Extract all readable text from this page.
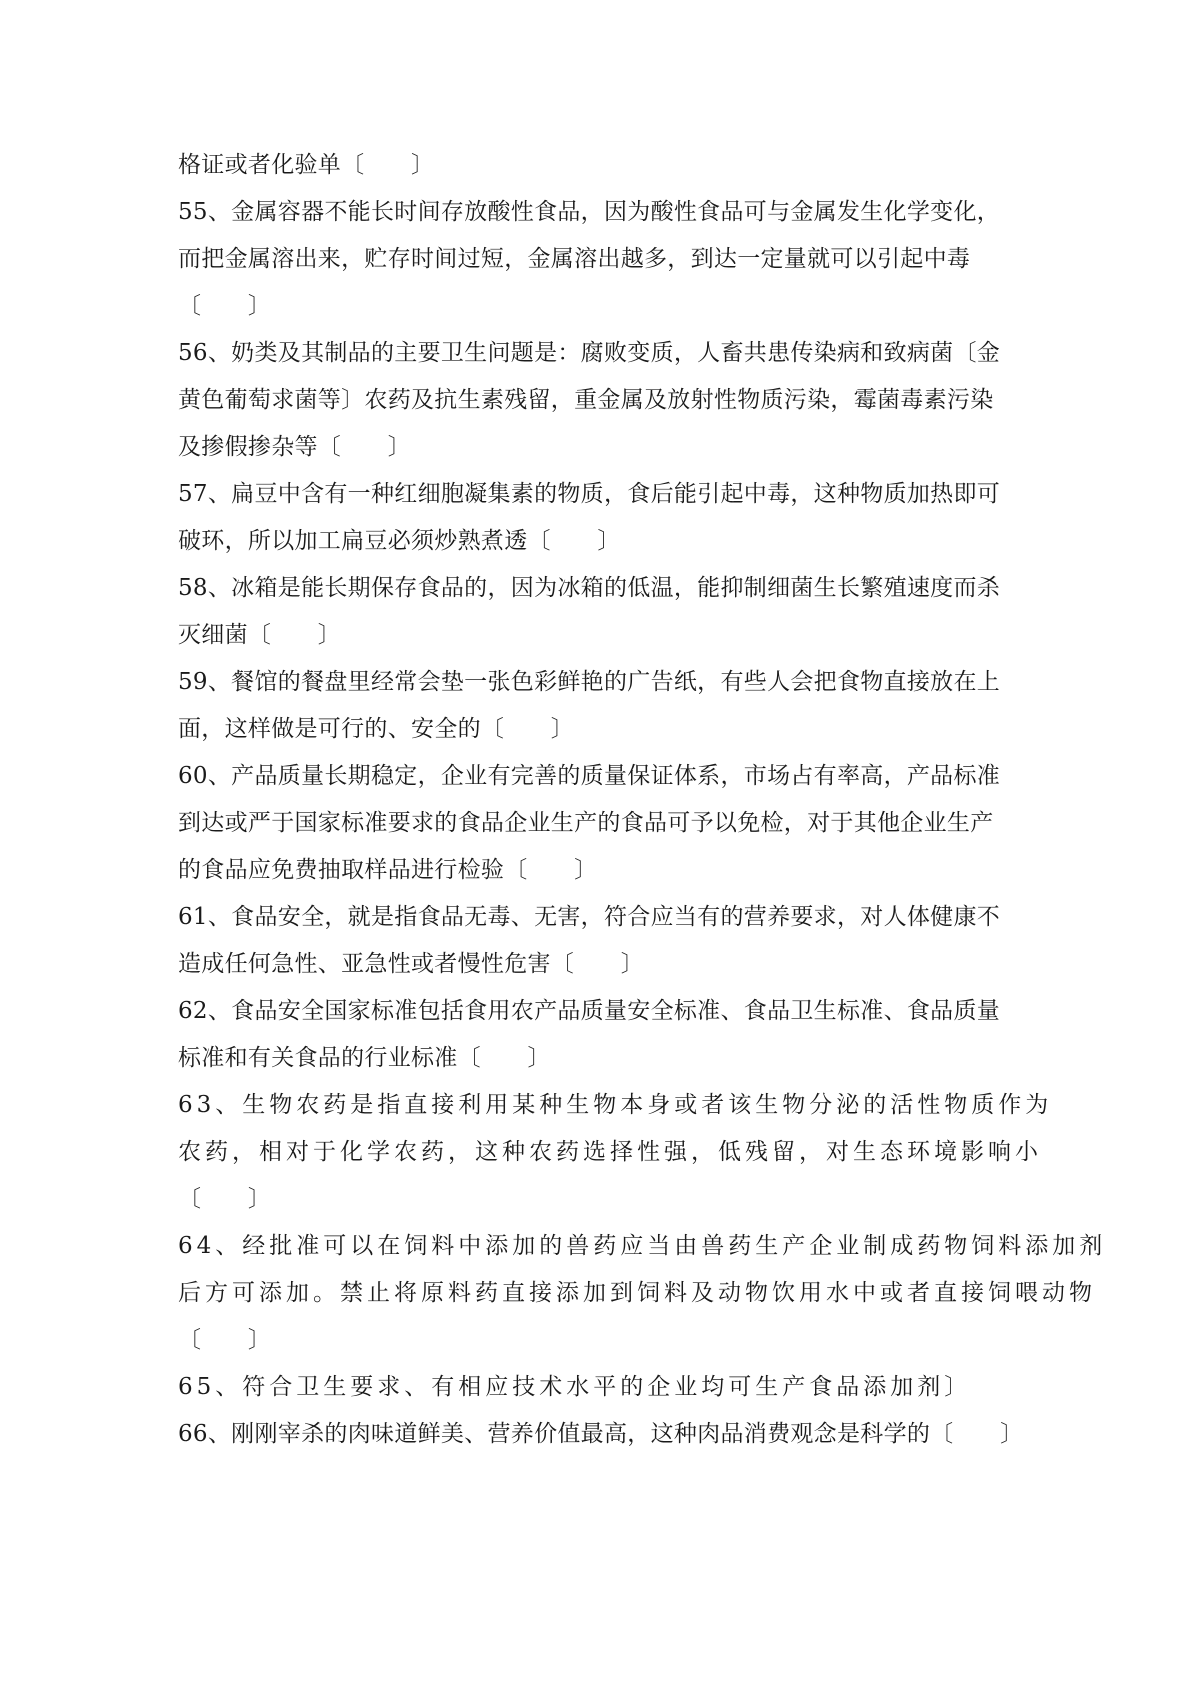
格证或者化验单〔　　〕
55、金属容器不能长时间存放酸性食品，因为酸性食品可与金属发生化学变化，
而把金属溶出来，贮存时间过短，金属溶出越多，到达一定量就可以引起中毒
〔　　〕
56、奶类及其制品的主要卫生问题是：腐败变质，人畜共患传染病和致病菌〔金
黄色葡萄求菌等〕农药及抗生素残留，重金属及放射性物质污染，霉菌毒素污染
及掺假掺杂等〔　　〕
57、扁豆中含有一种红细胞凝集素的物质，食后能引起中毒，这种物质加热即可
破环，所以加工扁豆必须炒熟煮透〔　　〕
58、冰箱是能长期保存食品的，因为冰箱的低温，能抑制细菌生长繁殖速度而杀
灭细菌〔　　〕
59、餐馆的餐盘里经常会垫一张色彩鲜艳的广告纸，有些人会把食物直接放在上
面，这样做是可行的、安全的〔　　〕
60、产品质量长期稳定，企业有完善的质量保证体系，市场占有率高，产品标准
到达或严于国家标准要求的食品企业生产的食品可予以免检，对于其他企业生产
的食品应免费抽取样品进行检验〔　　〕
61、食品安全，就是指食品无毒、无害，符合应当有的营养要求，对人体健康不
造成任何急性、亚急性或者慢性危害〔　　〕
62、食品安全国家标准包括食用农产品质量安全标准、食品卫生标准、食品质量
标准和有关食品的行业标准〔　　〕
63、生物农药是指直接利用某种生物本身或者该生物分泌的活性物质作为
农药，相对于化学农药，这种农药选择性强，低残留，对生态环境影响小
〔　　〕
64、经批准可以在饲料中添加的兽药应当由兽药生产企业制成药物饲料添加剂
后方可添加。禁止将原料药直接添加到饲料及动物饮用水中或者直接饲喂动物
〔　　〕
65、符合卫生要求、有相应技术水平的企业均可生产食品添加剂〕
66、刚刚宰杀的肉味道鲜美、营养价值最高，这种肉品消费观念是科学的〔　　〕
